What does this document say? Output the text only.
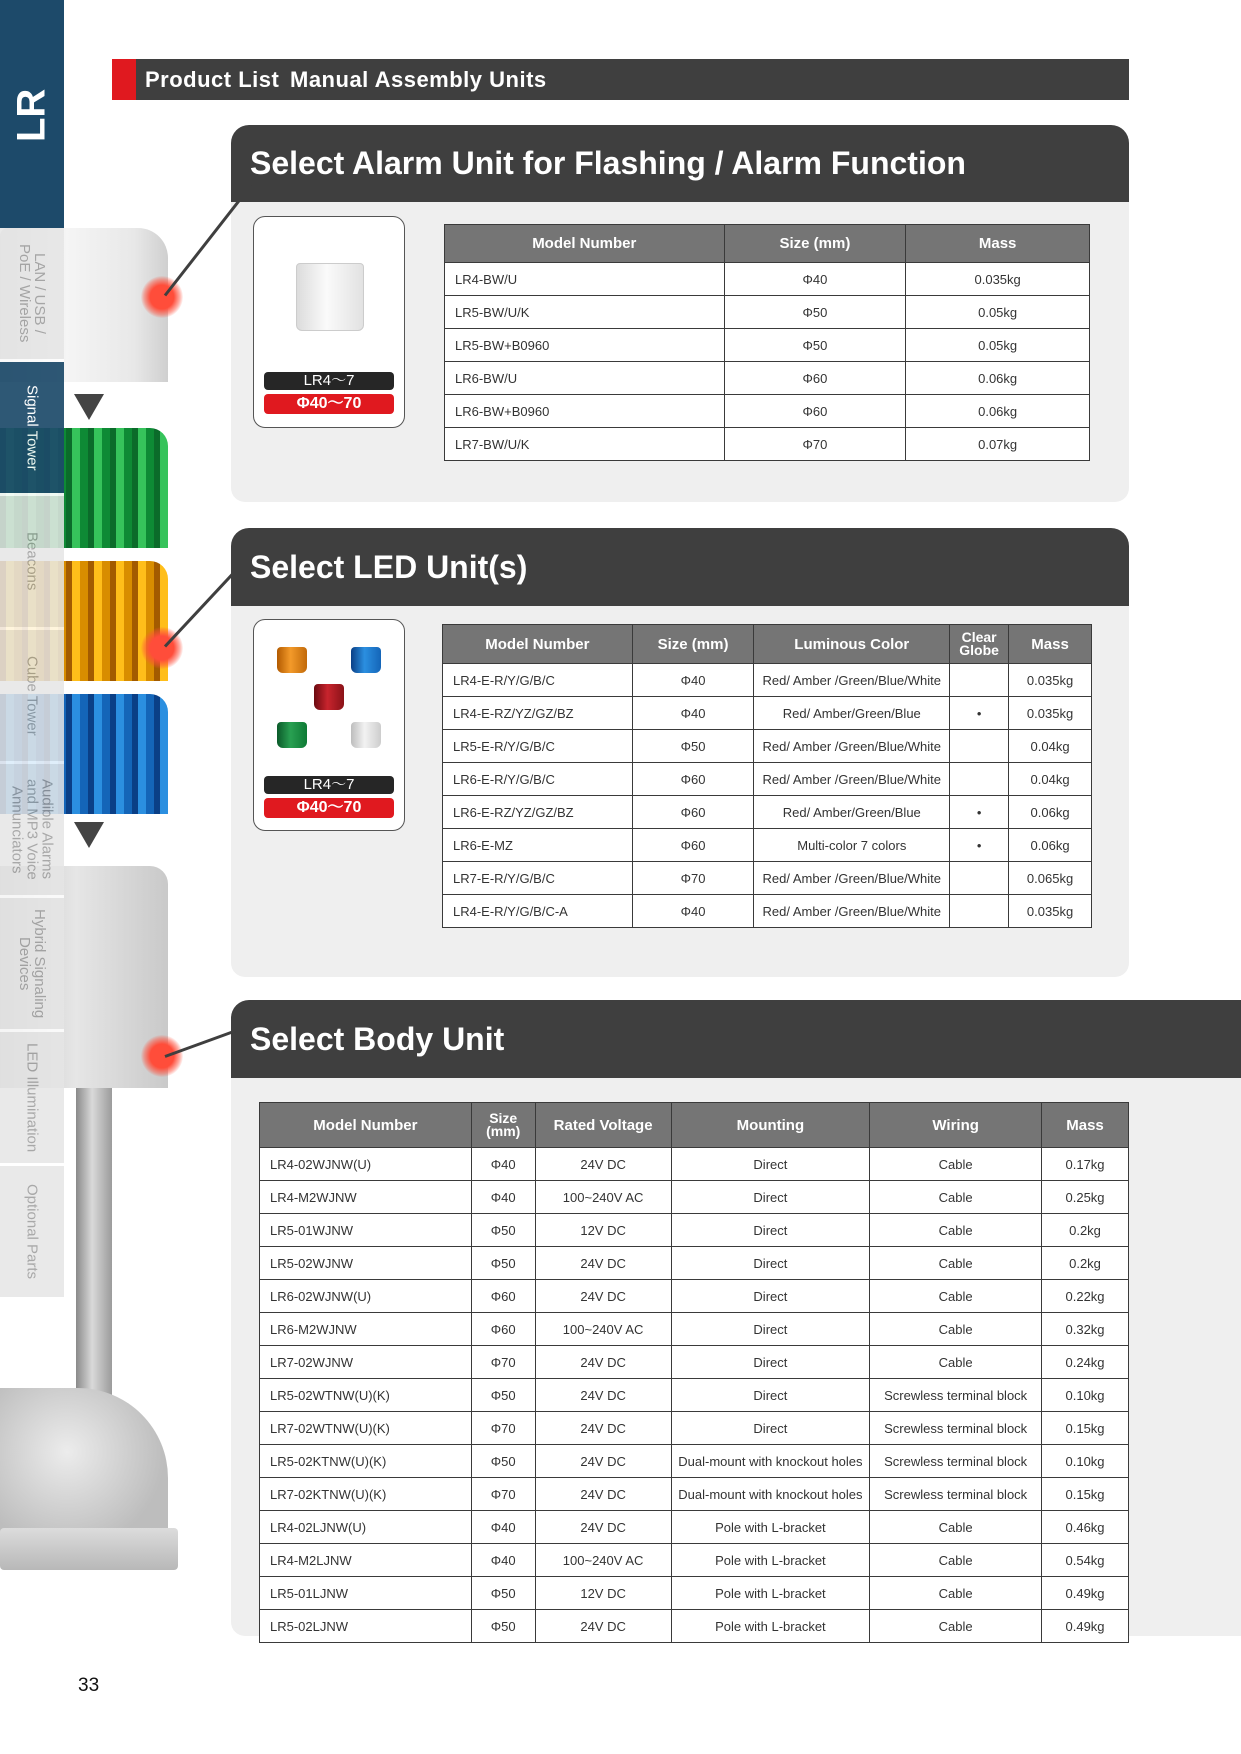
LR
LAN / USB /
PoE / Wireless
Signal Tower
Beacons
Cube Tower
Audible Alarms
and MP3 Voice
Annunciators
Hybrid Signaling
Devices
LED Illumination
Optional Parts
Product List Manual Assembly Units
Select Alarm Unit for Flashing / Alarm Function
LR4～7
Φ40～70
Model Number	Size (mm)	Mass
LR4-BW/U	Φ40	0.035kg
LR5-BW/U/K	Φ50	0.05kg
LR5-BW+B0960	Φ50	0.05kg
LR6-BW/U	Φ60	0.06kg
LR6-BW+B0960	Φ60	0.06kg
LR7-BW/U/K	Φ70	0.07kg
Select LED Unit(s)
LR4～7
Φ40～70
Model Number	Size (mm)	Luminous Color	Clear Globe	Mass
LR4-E-R/Y/G/B/C	Φ40	Red/ Amber /Green/Blue/White		0.035kg
LR4-E-RZ/YZ/GZ/BZ	Φ40	Red/ Amber/Green/Blue	•	0.035kg
LR5-E-R/Y/G/B/C	Φ50	Red/ Amber /Green/Blue/White		0.04kg
LR6-E-R/Y/G/B/C	Φ60	Red/ Amber /Green/Blue/White		0.04kg
LR6-E-RZ/YZ/GZ/BZ	Φ60	Red/ Amber/Green/Blue	•	0.06kg
LR6-E-MZ	Φ60	Multi-color 7 colors	•	0.06kg
LR7-E-R/Y/G/B/C	Φ70	Red/ Amber /Green/Blue/White		0.065kg
LR4-E-R/Y/G/B/C-A	Φ40	Red/ Amber /Green/Blue/White		0.035kg
Select Body Unit
Model Number	Size (mm)	Rated Voltage	Mounting	Wiring	Mass
LR4-02WJNW(U)	Φ40	24V DC	Direct	Cable	0.17kg
LR4-M2WJNW	Φ40	100~240V AC	Direct	Cable	0.25kg
LR5-01WJNW	Φ50	12V DC	Direct	Cable	0.2kg
LR5-02WJNW	Φ50	24V DC	Direct	Cable	0.2kg
LR6-02WJNW(U)	Φ60	24V DC	Direct	Cable	0.22kg
LR6-M2WJNW	Φ60	100~240V AC	Direct	Cable	0.32kg
LR7-02WJNW	Φ70	24V DC	Direct	Cable	0.24kg
LR5-02WTNW(U)(K)	Φ50	24V DC	Direct	Screwless terminal block	0.10kg
LR7-02WTNW(U)(K)	Φ70	24V DC	Direct	Screwless terminal block	0.15kg
LR5-02KTNW(U)(K)	Φ50	24V DC	Dual-mount with knockout holes	Screwless terminal block	0.10kg
LR7-02KTNW(U)(K)	Φ70	24V DC	Dual-mount with knockout holes	Screwless terminal block	0.15kg
LR4-02LJNW(U)	Φ40	24V DC	Pole with L-bracket	Cable	0.46kg
LR4-M2LJNW	Φ40	100~240V AC	Pole with L-bracket	Cable	0.54kg
LR5-01LJNW	Φ50	12V DC	Pole with L-bracket	Cable	0.49kg
LR5-02LJNW	Φ50	24V DC	Pole with L-bracket	Cable	0.49kg
33
